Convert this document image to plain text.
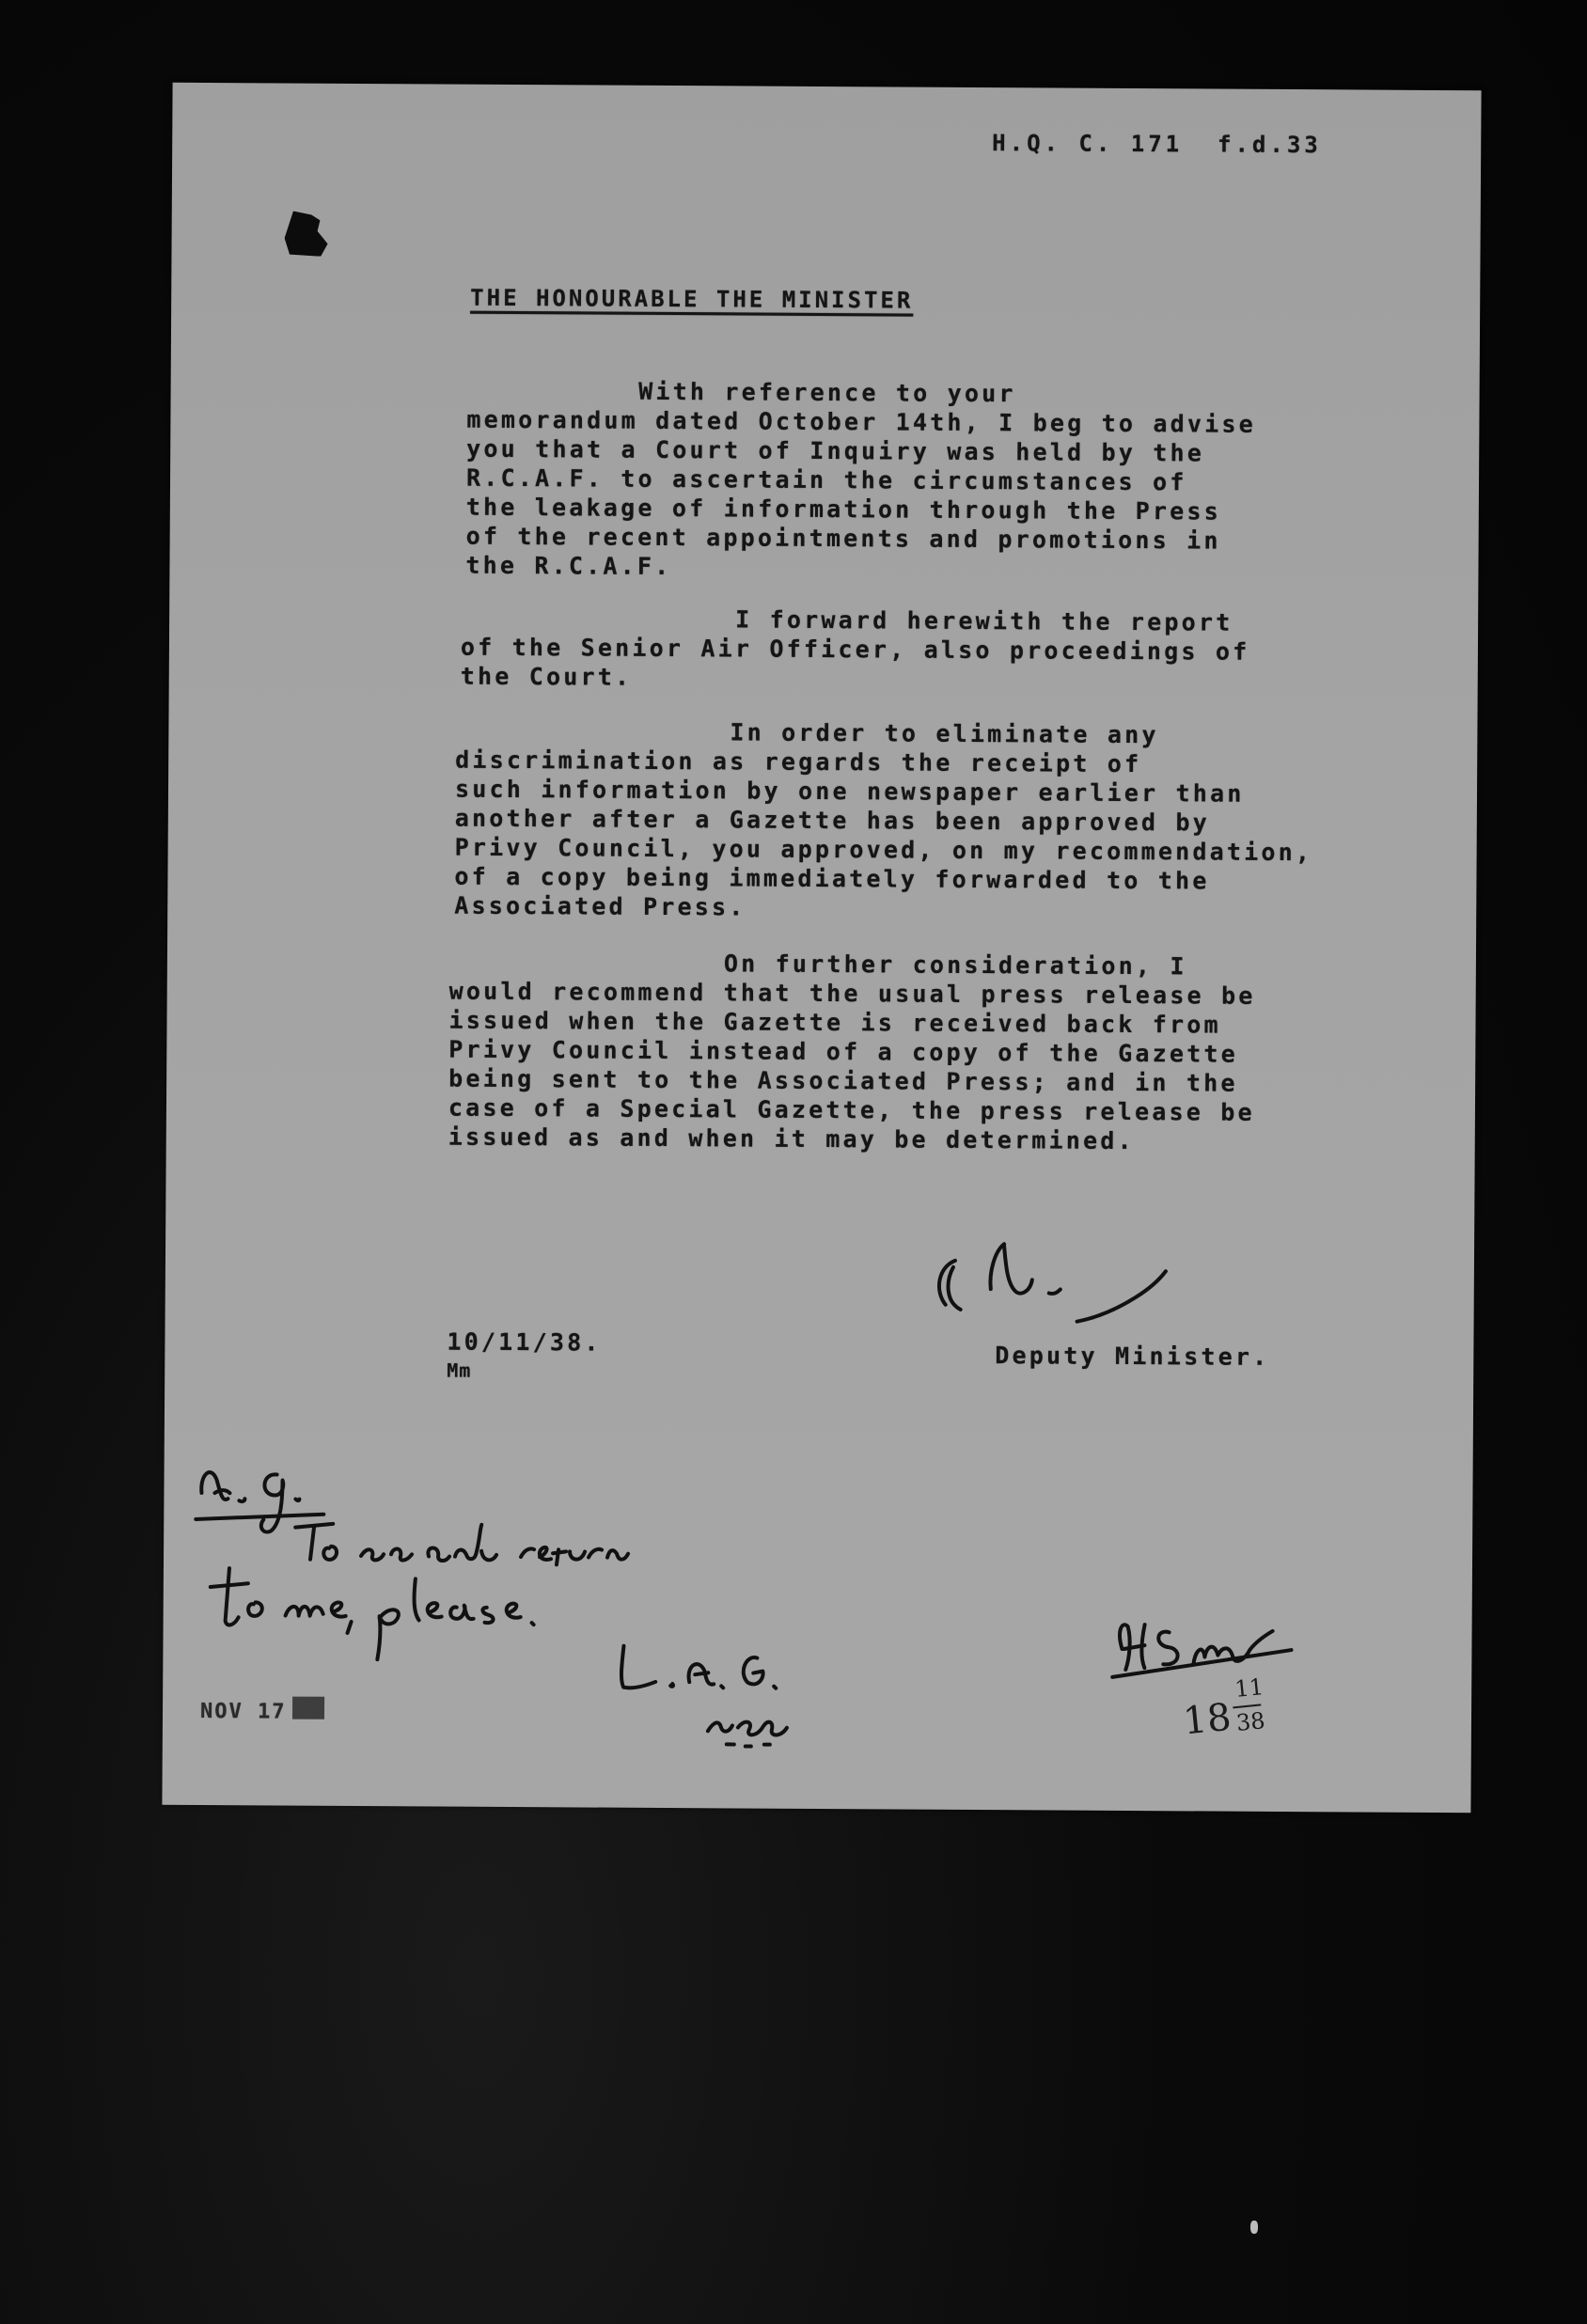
H.Q. C. 171  f.d.33
THE HONOURABLE THE MINISTER
With reference to your
memorandum dated October 14th, I beg to advise
you that a Court of Inquiry was held by the
R.C.A.F. to ascertain the circumstances of
the leakage of information through the Press
of the recent appointments and promotions in
the R.C.A.F.
I forward herewith the report
of the Senior Air Officer, also proceedings of
the Court.
In order to eliminate any
discrimination as regards the receipt of
such information by one newspaper earlier than
another after a Gazette has been approved by
Privy Council, you approved, on my recommendation,
of a copy being immediately forwarded to the
Associated Press.
On further consideration, I
would recommend that the usual press release be
issued when the Gazette is received back from
Privy Council instead of a copy of the Gazette
being sent to the Associated Press; and in the
case of a Special Gazette, the press release be
issued as and when it may be determined.
10/11/38.
Mm	Deputy Minister.
18
11
38
NOV 17
